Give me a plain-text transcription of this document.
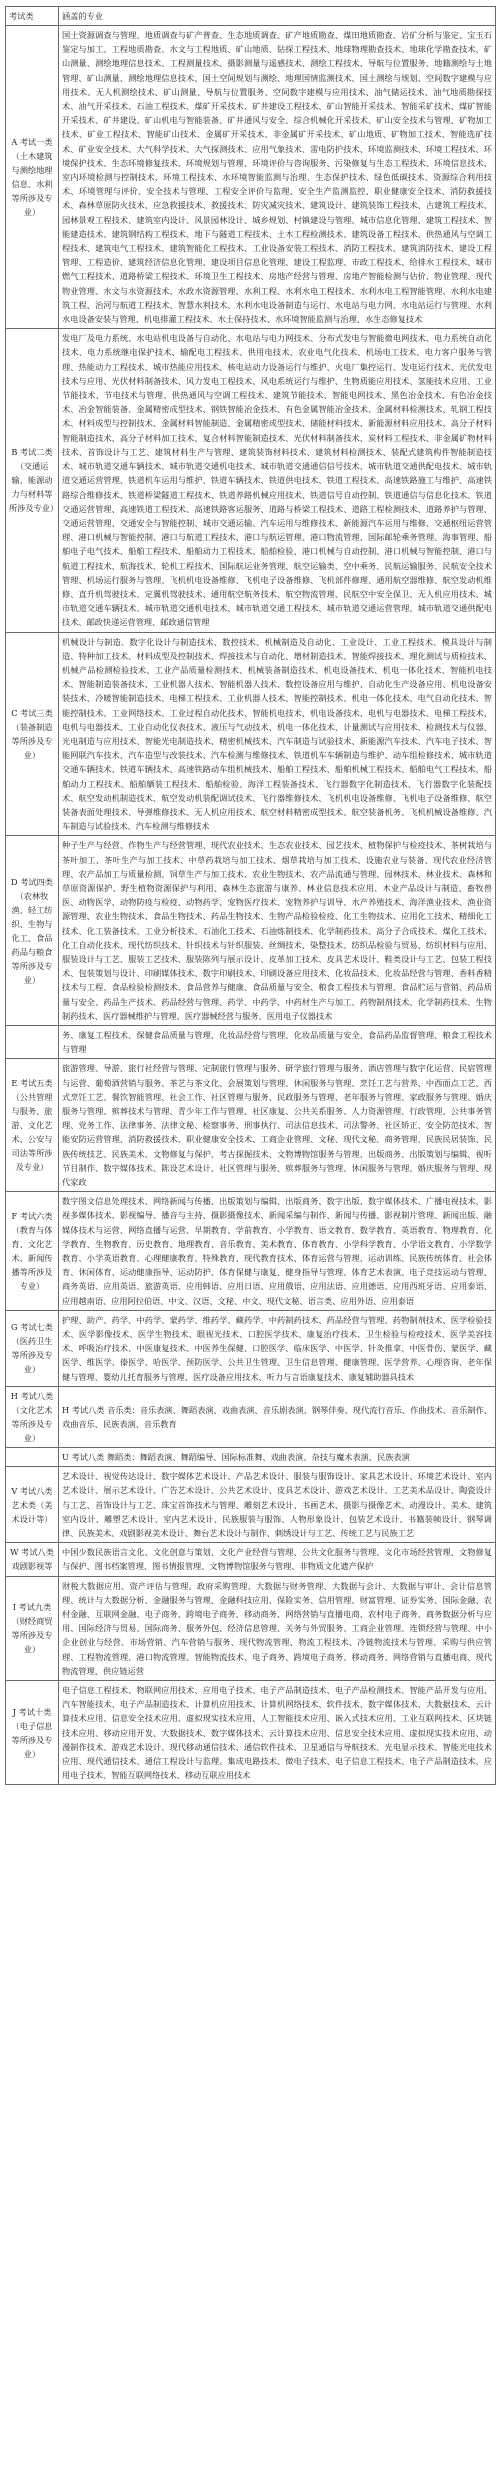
考试类	涵盖的专业
A 考试一类（土木建筑与测绘地理信息、水利等所涉及专业）	国土资源调查与管理、地质调查与矿产普查、生态地质调查、矿产地质勘查、煤田地质勘查、岩矿分析与鉴定、宝玉石鉴定与加工、工程地质勘查、水文与工程地质、矿山地质、钻探工程技术、地球物理勘查技术、地球化学勘查技术、矿山测量、测绘地理信息技术、工程测量技术、摄影测量与遥感技术、测绘工程技术、导航与位置服务、地籍测绘与土地管理、矿山测量、测绘地理信息技术、国土空间规划与测绘、地理国情监测技术、国土测绘与规划、空间数字建模与应用技术、无人机测绘技术、矿山测量、导航与位置服务、空间数字建模与应用技术、油气储运技术、油气地质勘探技术、油气开采技术、石油工程技术、煤矿开采技术、矿井建设工程技术、矿山智能开采技术、智能采矿技术、煤矿智能开采技术、矿井建设、矿山机电与智能装备、矿井通风与安全、综合机械化开采技术、矿山安全技术与管理、矿物加工技术、矿业工程技术、智能矿山技术、金属矿开采技术、非金属矿开采技术、矿山地质、矿物加工技术、智能选矿技术、矿业安全技术、大气科学技术、大气探测技术、应用气象技术、雷电防护技术、环境监测技术、环境工程技术、环境保护技术、生态环境修复技术、环境规划与管理、环境评价与咨询服务、污染修复与生态工程技术、环境信息技术、室内环境检测与控制技术、环境工程技术、水环境智能监测与治理、生态保护技术、绿色低碳技术、资源综合利用技术、环境管理与评价、安全技术与管理、工程安全评价与监理、安全生产监测监控、职业健康安全技术、消防救援技术、森林草原防火技术、应急救援技术、救援技术、防灾减灾技术、建筑设计、建筑装饰工程技术、古建筑工程技术、园林景观工程技术、建筑室内设计、风景园林设计、城乡规划、村镇建设与管理、城市信息化管理、建筑工程技术、智能建造技术、建筑钢结构工程技术、地下与隧道工程技术、土木工程检测技术、建筑设备工程技术、供热通风与空调工程技术、建筑电气工程技术、建筑智能化工程技术、工业设备安装工程技术、消防工程技术、建筑消防技术、建设工程管理、工程造价、建筑经济信息化管理、建设项目信息化管理、建设工程监理、市政工程技术、给排水工程技术、城市燃气工程技术、道路桥梁工程技术、环境卫生工程技术、房地产经营与管理、房地产智能检测与估价、物业管理、现代物业管理、水文与水资源技术、水政水资源管理、水利工程、水利水电工程技术、水利水电工程智能管理、水利水电建筑工程、治河与航道工程技术、智慧水利技术、水利水电设备制造与运行、水电站与电力网、水电站运行与管理、水利水电设备安装与管理、机电排灌工程技术、水土保持技术、水环境智能监测与治理、水生态修复技术
B 考试二类（交通运输、能源动力与材料等所涉及专业）	发电厂及电力系统、水电站机电设备与自动化、水电站与电力网技术、分布式发电与智能微电网技术、电力系统自动化技术、电力系统继电保护技术、输配电工程技术、供用电技术、农业电气化技术、机场电工技术、电力客户服务与管理、热能动力工程技术、城市热能应用技术、核电站动力设备运行与维护、火电厂集控运行、发电运行技术、光伏发电技术与应用、光伏材料制备技术、风力发电工程技术、风电系统运行与维护、生物质能应用技术、氢能技术应用、工业节能技术、节电技术与管理、供热通风与空调工程技术、建筑节能技术、智能电网技术、黑色冶金技术、有色冶金技术、冶金智能装备、金属精密成型技术、钢铁智能冶金技术、有色金属智能冶金技术、金属材料检测技术、轧钢工程技术、材料成型与控制技术、金属材料智能制造、金属精密成型技术、储能材料技术、新能源材料应用技术、高分子材料智能制造技术、高分子材料加工技术、复合材料智能制造技术、光伏材料制备技术、炭材料工程技术、非金属矿物材料技术、首饰设计与工艺、建筑材料生产与管理、建筑装饰材料技术、建筑材料检测技术、装配式建筑构件智能制造技术、城市轨道交通车辆技术、城市轨道交通机电技术、城市轨道交通通信信号技术、城市轨道交通供配电技术、城市轨道交通运营管理、铁道机车运用与维护、铁道车辆技术、铁道供电技术、铁道工程技术、高速铁路施工与维护、高速铁路综合维修技术、铁道桥梁隧道工程技术、铁道养路机械应用技术、铁道信号自动控制、铁道通信与信息化技术、铁道交通运营管理、高速铁道工程技术、高速铁路客运服务、道路与桥梁工程技术、道路工程检测技术、道路养护与管理、交通运营管理、交通安全与智能控制、城市交通运输、汽车运用与维修技术、新能源汽车运用与维修、交通枢纽运营管理、港口机械与智能控制、港口与航道工程技术、港口与航运管理、港口物流管理、国际邮轮乘务管理、海事管理、船舶电子电气技术、船舶工程技术、船舶动力工程技术、船舶检验、港口机械与自动控制、港口机械与智能控制、港口与航道工程技术、航海技术、轮机工程技术、国际航运业务管理、航空运输类、空中乘务、民航运输服务、民航安全技术管理、机场运行服务与管理、飞机机电设备维修、飞机电子设备维修、飞机部件修理、通用航空器维修、航空发动机维修、直升机驾驶技术、定翼机驾驶技术、通用航空航务技术、航空物流管理、民航空中安全保卫、无人机应用技术、城市轨道交通车辆技术、城市轨道交通机电技术、城市轨道交通工程技术、城市轨道交通运营管理、城市轨道交通供配电技术、邮政快递运营管理、邮政通信管理
C 考试三类（装备制造等所涉及专业）	机械设计与制造、数字化设计与制造技术、数控技术、机械制造及自动化、工业设计、工业工程技术、模具设计与制造、特种加工技术、材料成型及控制技术、焊接技术与自动化、增材制造技术、智能焊接技术、理化测试与质检技术、机械产品检测检验技术、工业产品质量检测技术、机械装备制造技术、机电设备技术、机电一体化技术、智能机电技术、智能制造装备技术、工业机器人技术、智能机器人技术、数控设备应用与维护、自动化生产设备应用、机电设备安装技术、冷暖智能制造技术、电梯工程技术、工业机器人技术、智能控制技术、机电一体化技术、电气自动化技术、智能控制技术、工业网络技术、工业过程自动化技术、智能机电技术、机电设备技术、电机与电器技术、电梯工程技术、电机与电器技术、工业自动化仪表技术、液压与气动技术、机电一体化技术、计量测试与应用技术、检测技术与仪器、光电制造与应用技术、智能光电制造技术、精密机械技术、汽车制造与试验技术、新能源汽车技术、汽车电子技术、智能网联汽车技术、汽车造型与改装技术、汽车检测与维修技术、铁道机车车辆制造与维护、动车组检修技术、城市轨道交通车辆技术、铁道车辆技术、高速铁路动车组机械技术、船舶工程技术、船舶机械工程技术、船舶电气工程技术、船舶动力工程技术、船舶舾装工程技术、船舶检验、海洋工程装备技术、飞行器数字化制造技术、飞行器数字化装配技术、航空发动机制造技术、航空发动机装配调试技术、飞行器维修技术、飞机机电设备维修、飞机电子设备维修、航空装备表面处理技术、导弹维修技术、无人机应用技术、航空材料精密成型技术、航空装备机务、飞机机械设备维修、汽车制造与试验技术、汽车检测与维修技术
D 考试四类（农林牧渔、轻工纺织、生物与化工、食品药品与粮食等所涉及专业）	种子生产与经营、作物生产与经营管理、现代农业技术、生态农业技术、园艺技术、植物保护与检疫技术、茶树栽培与茶叶加工、茶叶生产与加工技术、中草药栽培与加工技术、烟草栽培与加工技术、设施农业与装备、现代农业经济管理、农产品加工与质量检测、饲草生产与加工技术、农业生物技术、农产品流通与管理、园林技术、林业技术、森林和草原资源保护、野生植物资源保护与利用、森林生态旅游与康养、林业信息技术应用、木业产品设计与制造、畜牧兽医、动物医学、动物防疫与检疫、动物药学、宠物医疗技术、宠物养护与训导、水产养殖技术、海洋渔业技术、渔业资源管理、农业生物技术、食品生物技术、药品生物技术、生物产品检验检疫、化工生物技术、应用化工技术、精细化工技术、化工装备技术、工业分析技术、石油化工技术、石油炼制技术、化学制药技术、高分子合成技术、煤化工技术、化工自动化技术、现代纺织技术、针织技术与针织服装、丝绸技术、染整技术、纺织品检验与贸易、纺织材料与应用、服装设计与工艺、服装工艺技术、服装陈列与展示设计、皮革加工技术、皮具艺术设计、鞋类设计与工艺、包装工程技术、包装策划与设计、印刷媒体技术、数字印刷技术、印刷设备应用技术、化妆品技术、化妆品经营与管理、香料香精技术与工程、食品检验检测技术、食品营养与健康、食品质量与安全、粮食工程技术与管理、食品贮运与营销、药品质量与安全、药品生产技术、药品经营与管理、药学、中药学、中药材生产与加工、药物制剂技术、化学制药技术、生物制药技术、医疗器械维护与管理、医疗器械经营与服务、医用电子仪器技术
	务、康复工程技术、保健食品质量与管理、化妆品经营与管理、化妆品质量与安全、食品药品监督管理、粮食工程技术与管理
E 考试五类（公共管理与服务、旅游、文化艺术、公安与司法等所涉及专业）	旅游管理、导游、旅行社经营与管理、定制旅行管理与服务、研学旅行管理与服务、酒店管理与数字化运营、民宿管理与运营、葡萄酒营销与服务、茶艺与茶文化、会展策划与管理、休闲服务与管理、烹饪工艺与营养、中西面点工艺、西式烹饪工艺、餐饮智能管理、社会工作、社区管理与服务、民政服务与管理、老年服务与管理、家政服务与管理、婚庆服务与管理、殡葬技术与管理、青少年工作与管理、社区康复、公共关系服务、人力资源管理、行政管理、公共事务管理、党务工作、法律事务、法律文秘、检察事务、刑事执行、司法信息技术、司法警务、社区矫正、安全防范技术、智能安防运营管理、消防救援技术、职业健康安全技术、工商企业管理、文秘、现代文秘、商务管理、民族民居装饰、民族传统技艺、民族美术、文物修复与保护、考古探掘技术、文物博物馆服务与管理、出版商务、出版策划与编辑、视听节目制作、数字媒体技术、陈设艺术设计、社区管理与服务、殡葬服务与管理、休闲服务与管理、婚庆服务与管理、现代家政
F 考试六类（教育与体育、文化艺术、新闻传播等所涉及专业）	数字图文信息处理技术、网络新闻与传播、出版策划与编辑、出版商务、数字出版、数字媒体技术、广播电视技术、影视多媒体技术、影视编导、播音与主持、摄影摄像技术、新闻采编与制作、新闻与传播、影视制片管理、新闻出版、融媒体技术与运营、网络直播与运营、早期教育、学前教育、小学教育、语文教育、数学教育、英语教育、物理教育、化学教育、生物教育、历史教育、地理教育、音乐教育、美术教育、体育教育、小学科学教育、小学语文教育、小学数学教育、小学英语教育、心理健康教育、特殊教育、现代教育技术、体育运营与管理、运动训练、民族传统体育、社会体育、休闲体育、运动健康指导、运动防护、体育保健与康复、健身指导与管理、体育艺术表演、电子竞技运动与管理、商务英语、应用英语、旅游英语、应用韩语、应用日语、应用俄语、应用法语、应用德语、应用西班牙语、应用泰语、应用越南语、应用阿拉伯语、中文、汉语、文秘、中文、现代文秘、语言类、应用外语、应用泰语
G 考试七类（医药卫生等所涉及专业）	护理、助产、药学、中药学、蒙药学、维药学、藏药学、中药制药技术、药品经营与管理、药物制剂技术、医学检验技术、医学影像技术、医学生物技术、眼视光技术、口腔医学技术、康复治疗技术、卫生检验与检疫技术、医学美容技术、呼吸治疗技术、中医康复技术、中医养生保健、口腔医学、临床医学、中医学、针灸推拿、中医骨伤、蒙医学、藏医学、维医学、傣医学、哈医学、预防医学、公共卫生管理、卫生信息管理、健康管理、医学营养、心理咨询、老年保健与管理、婴幼儿托育服务与管理、医疗设备应用技术、听力与言语康复技术、康复辅助器具技术
H 考试八类（文化艺术等所涉及专业）	H 考试八类 音乐类：音乐表演、舞蹈表演、戏曲表演、音乐剧表演、钢琴伴奏、现代流行音乐、作曲技术、音乐制作、戏曲音乐、民族表演、音乐教育
	U 考试八类 舞蹈类：舞蹈表演、舞蹈编导、国际标准舞、戏曲表演、杂技与魔术表演、民族表演
V 考试八类 艺术类（美术设计等）	艺术设计、视觉传达设计、数字媒体艺术设计、产品艺术设计、服装与服饰设计、家具艺术设计、环境艺术设计、室内艺术设计、展示艺术设计、广告艺术设计、公共艺术设计、皮具艺术设计、游戏艺术设计、工艺美术品设计、陶瓷设计与工艺、首饰设计与工艺、珠宝首饰技术与管理、雕刻艺术设计、书画艺术、摄影与摄像艺术、动漫设计、美术、建筑室内设计、雕塑艺术设计、室内艺术设计、民族服装与服饰、人物形象设计、包装艺术设计、书籍装帧设计、钢琴调律、民族美术、戏剧影视美术设计、舞台艺术设计与制作、刺绣设计与工艺、传统工艺与民族工艺
W 考试八类 戏剧影视等	中国少数民族语言文化、文化创意与策划、文化产业经营与管理、公共文化服务与管理、文化市场经营管理、文物修复与保护、图书档案管理、图书情报管理、文物博物馆服务与管理、非物质文化遗产保护
I 考试九类（财经商贸等所涉及专业）	财税大数据应用、资产评估与管理、政府采购管理、大数据与财务管理、大数据与会计、大数据与审计、会计信息管理、统计与大数据分析、金融服务与管理、金融科技应用、保险实务、信用管理、财富管理、证券实务、国际金融、农村金融、互联网金融、电子商务、跨境电子商务、移动商务、网络营销与直播电商、农村电子商务、商务数据分析与应用、国际经济与贸易、国际商务、服务外包、经济信息管理、关务与外贸服务、工商企业管理、连锁经营与管理、中小企业创业与经营、市场营销、汽车营销与服务、现代物流管理、物流工程技术、冷链物流技术与管理、采购与供应管理、工程物流管理、港口物流管理、智能物流技术、电子商务、跨境电子商务、移动商务、网络营销与直播电商、现代物流管理、供应链运营
J 考试十类（电子信息等所涉及专业）	电子信息工程技术、物联网应用技术、应用电子技术、电子产品制造技术、电子产品检测技术、智能产品开发与应用、汽车智能技术、电子产品制造技术、计算机应用技术、计算机网络技术、软件技术、数字媒体技术、大数据技术、云计算技术应用、信息安全技术应用、虚拟现实技术应用、人工智能技术应用、嵌入式技术应用、工业互联网技术、区块链技术应用、移动应用开发、大数据技术、数字媒体技术、云计算技术应用、信息安全技术应用、虚拟现实技术应用、动漫制作技术、游戏艺术设计、现代移动通信技术、通信软件技术、卫星通信与导航技术、光电显示技术、智能光电技术应用、现代通信技术、通信工程设计与监理、集成电路技术、微电子技术、电子信息工程技术、电子产品制造技术、应用电子技术、智能互联网络技术、移动互联应用技术
